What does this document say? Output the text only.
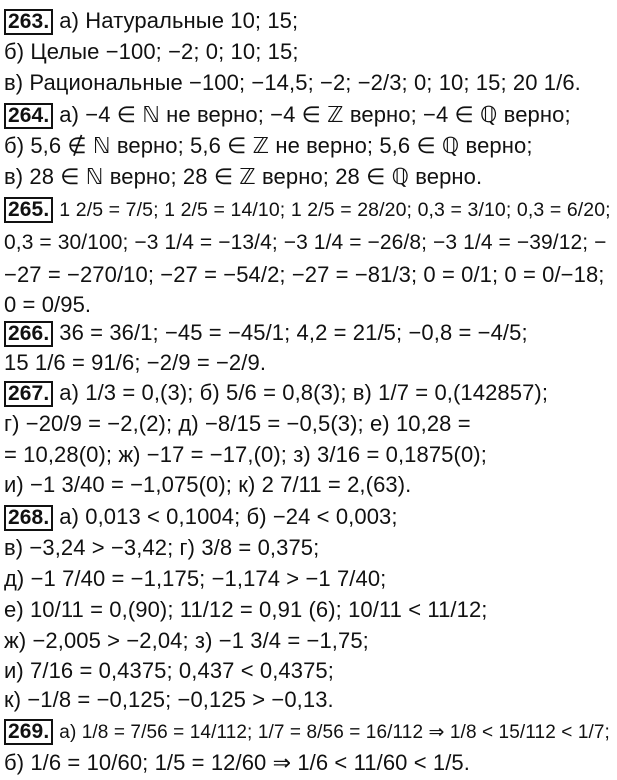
263. а) Натуральные 10; 15;
б) Целые −100; −2; 0; 10; 15;
в) Рациональные −100; −14,5; −2; −2/3; 0; 10; 15; 20 1/6.
264. а) −4 ∈ ℕ не верно; −4 ∈ ℤ верно; −4 ∈ ℚ верно;
б) 5,6 ∉ ℕ верно; 5,6 ∈ ℤ не верно; 5,6 ∈ ℚ верно;
в) 28 ∈ ℕ верно; 28 ∈ ℤ верно; 28 ∈ ℚ верно.
265. 1 2/5 = 7/5; 1 2/5 = 14/10; 1 2/5 = 28/20; 0,3 = 3/10; 0,3 = 6/20;
0,3 = 30/100; −3 1/4 = −13/4; −3 1/4 = −26/8; −3 1/4 = −39/12; −
−27 = −270/10; −27 = −54/2; −27 = −81/3; 0 = 0/1; 0 = 0/−18;
0 = 0/95.
266. 36 = 36/1; −45 = −45/1; 4,2 = 21/5; −0,8 = −4/5;
15 1/6 = 91/6; −2/9 = −2/9.
267. а) 1/3 = 0,(3); б) 5/6 = 0,8(3); в) 1/7 = 0,(142857);
г) −20/9 = −2,(2); д) −8/15 = −0,5(3); е) 10,28 =
= 10,28(0); ж) −17 = −17,(0); з) 3/16 = 0,1875(0);
и) −1 3/40 = −1,075(0); к) 2 7/11 = 2,(63).
268. а) 0,013 < 0,1004; б) −24 < 0,003;
в) −3,24 > −3,42; г) 3/8 = 0,375;
д) −1 7/40 = −1,175; −1,174 > −1 7/40;
е) 10/11 = 0,(90); 11/12 = 0,91 (6); 10/11 < 11/12;
ж) −2,005 > −2,04; з) −1 3/4 = −1,75;
и) 7/16 = 0,4375; 0,437 < 0,4375;
к) −1/8 = −0,125; −0,125 > −0,13.
269. а) 1/8 = 7/56 = 14/112; 1/7 = 8/56 = 16/112 ⇒ 1/8 < 15/112 < 1/7;
б) 1/6 = 10/60; 1/5 = 12/60 ⇒ 1/6 < 11/60 < 1/5.
